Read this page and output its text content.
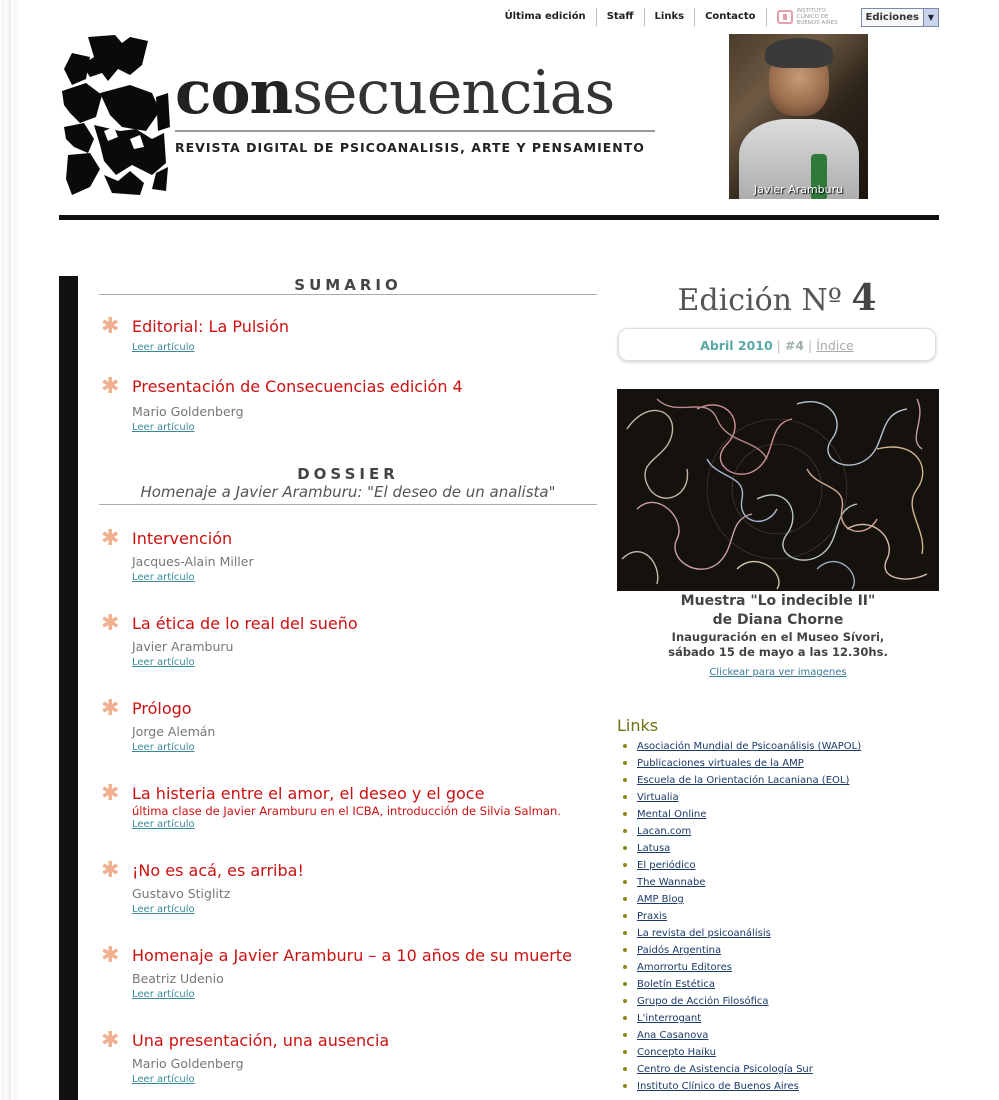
Última edición	Staff	Links	Contacto	INSTITUTO CLÍNICO DE BUENOS AIRES
Ediciones	▼
consecuencias
REVISTA DIGITAL DE PSICOANALISIS, ARTE Y PENSAMIENTO
Javier Aramburu
SUMARIO
✱ Editorial: La Pulsión
Leer artículo
✱ Presentación de Consecuencias edición 4
Mario Goldenberg
Leer artículo
DOSSIER
Homenaje a Javier Aramburu: "El deseo de un analista"
✱ Intervención
Jacques-Alain Miller
Leer artículo
✱ La ética de lo real del sueño
Javier Aramburu
Leer artículo
✱ Prólogo
Jorge Alemán
Leer artículo
✱ La histeria entre el amor, el deseo y el goce
última clase de Javier Aramburu en el ICBA, introducción de Silvia Salman.
Leer artículo
✱ ¡No es acá, es arriba!
Gustavo Stiglitz
Leer artículo
✱ Homenaje a Javier Aramburu – a 10 años de su muerte
Beatriz Udenio
Leer artículo
✱ Una presentación, una ausencia
Mario Goldenberg
Leer artículo
Edición Nº 4
Abril 2010 | #4 | Índice
Muestra "Lo indecible II"
de Diana Chorne
Inauguración en el Museo Sívori,
sábado 15 de mayo a las 12.30hs.
Clickear para ver imagenes
Links
Asociación Mundial de Psicoanálisis (WAPOL)
Publicaciones virtuales de la AMP
Escuela de la Orientación Lacaniana (EOL)
Virtualia
Mental Online
Lacan.com
Latusa
El periódico
The Wannabe
AMP Blog
Praxis
La revista del psicoanálisis
Paidós Argentina
Amorrortu Editores
Boletín Estética
Grupo de Acción Filosófica
L'interrogant
Ana Casanova
Concepto Haiku
Centro de Asistencia Psicología Sur
Instituto Clínico de Buenos Aires
